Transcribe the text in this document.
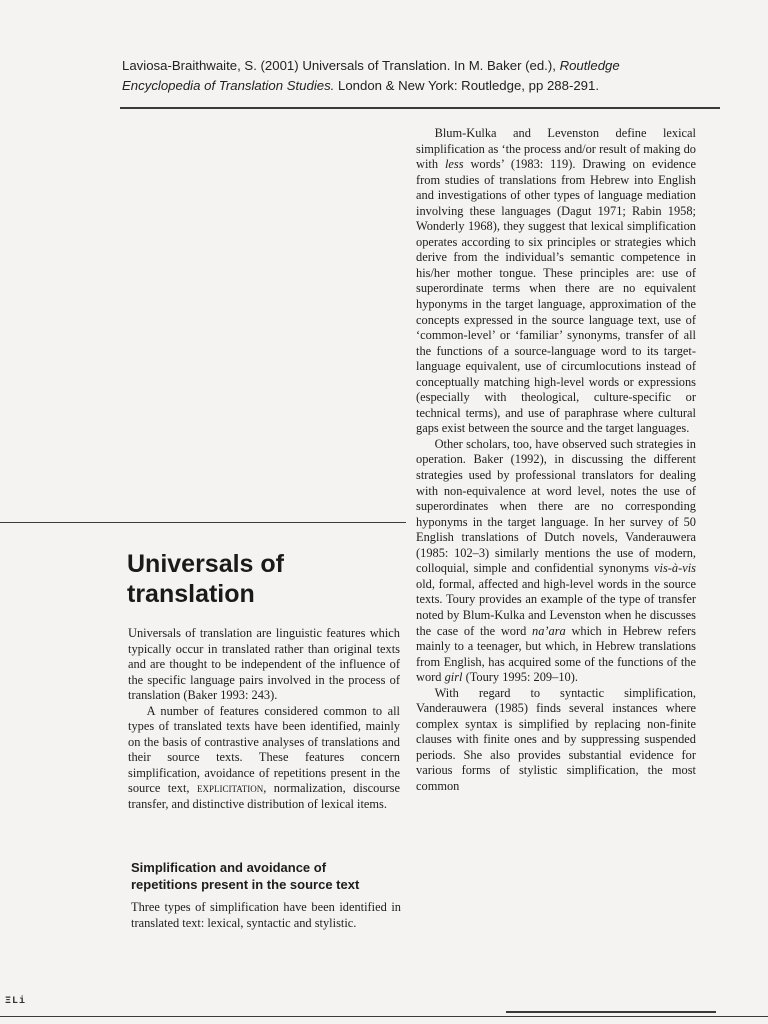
Laviosa-Braithwaite, S. (2001) Universals of Translation. In M. Baker (ed.), Routledge
Encyclopedia of Translation Studies. London & New York: Routledge, pp 288-291.

Blum-Kulka and Levenston define lexical simplification as ‘the process and/or result of making do with less words’ (1983: 119). Drawing on evidence from studies of translations from Hebrew into English and investigations of other types of language mediation involving these languages (Dagut 1971; Rabin 1958; Wonderly 1968), they suggest that lexical simplification operates according to six principles or strategies which derive from the individual’s semantic competence in his/her mother tongue. These principles are: use of superordinate terms when there are no equivalent hyponyms in the target language, approximation of the concepts expressed in the source language text, use of ‘common-level’ or ‘familiar’ synonyms, transfer of all the functions of a source-language word to its target-language equivalent, use of circumlocutions instead of conceptually matching high-level words or expressions (especially with theological, culture-specific or technical terms), and use of paraphrase where cultural gaps exist between the source and the target languages.

Other scholars, too, have observed such strategies in operation. Baker (1992), in discussing the different strategies used by professional translators for dealing with non-equivalence at word level, notes the use of superordinates when there are no corresponding hyponyms in the target language. In her survey of 50 English translations of Dutch novels, Vanderauwera (1985: 102–3) similarly mentions the use of modern, colloquial, simple and confidential synonyms vis-à-vis old, formal, affected and high-level words in the source texts. Toury provides an example of the type of transfer noted by Blum-Kulka and Levenston when he discusses the case of the word na’ara which in Hebrew refers mainly to a teenager, but which, in Hebrew translations from English, has acquired some of the functions of the word girl (Toury 1995: 209–10).

With regard to syntactic simplification, Vanderauwera (1985) finds several instances where complex syntax is simplified by replacing non-finite clauses with finite ones and by suppressing suspended periods. She also provides substantial evidence for various forms of stylistic simplification, the most common

Universals of
translation

Universals of translation are linguistic features which typically occur in translated rather than original texts and are thought to be independent of the influence of the specific language pairs involved in the process of translation (Baker 1993: 243).

A number of features considered common to all types of translated texts have been identified, mainly on the basis of contrastive analyses of translations and their source texts. These features concern simplification, avoidance of repetitions present in the source text, explicitation, normalization, discourse transfer, and distinctive distribution of lexical items.

Simplification and avoidance of
repetitions present in the source text

Three types of simplification have been identified in translated text: lexical, syntactic and stylistic.

ΞLi
